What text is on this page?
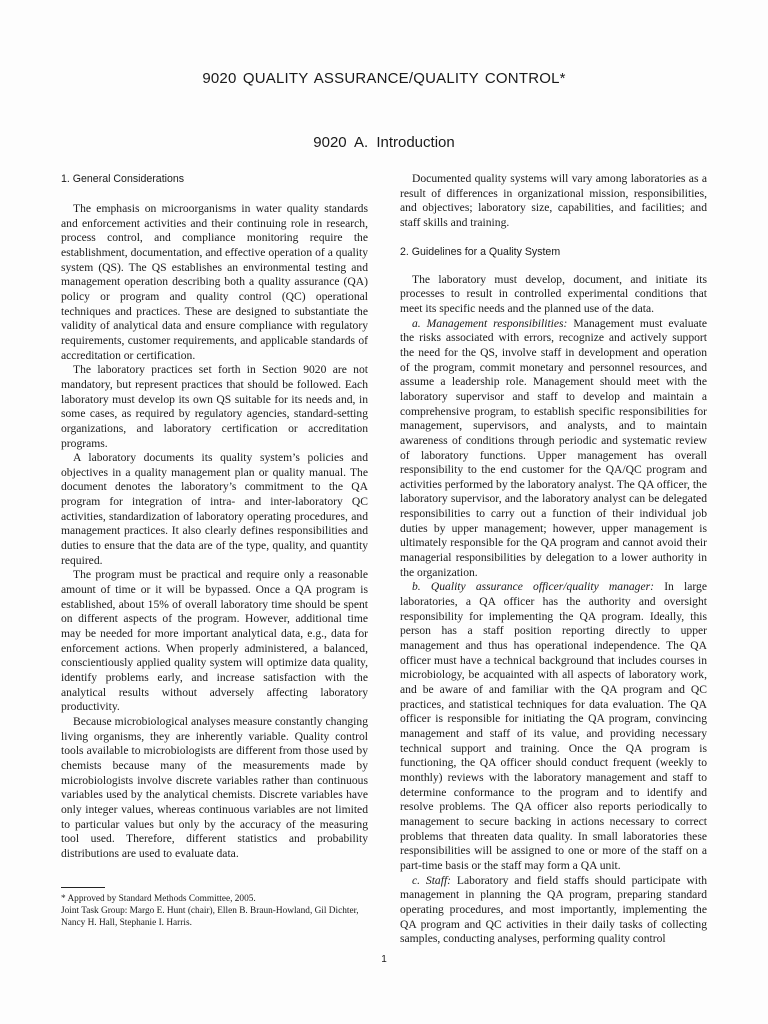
9020 QUALITY ASSURANCE/QUALITY CONTROL*
9020 A. Introduction
1. General Considerations

The emphasis on microorganisms in water quality standards and enforcement activities and their continuing role in research, process control, and compliance monitoring require the establishment, documentation, and effective operation of a quality system (QS). The QS establishes an environmental testing and management operation describing both a quality assurance (QA) policy or program and quality control (QC) operational techniques and practices. These are designed to substantiate the validity of analytical data and ensure compliance with regulatory requirements, customer requirements, and applicable standards of accreditation or certification.

The laboratory practices set forth in Section 9020 are not mandatory, but represent practices that should be followed. Each laboratory must develop its own QS suitable for its needs and, in some cases, as required by regulatory agencies, standard-setting organizations, and laboratory certification or accreditation programs.

A laboratory documents its quality system’s policies and objectives in a quality management plan or quality manual. The document denotes the laboratory’s commitment to the QA program for integration of intra- and inter-laboratory QC activities, standardization of laboratory operating procedures, and management practices. It also clearly defines responsibilities and duties to ensure that the data are of the type, quality, and quantity required.

The program must be practical and require only a reasonable amount of time or it will be bypassed. Once a QA program is established, about 15% of overall laboratory time should be spent on different aspects of the program. However, additional time may be needed for more important analytical data, e.g., data for enforcement actions. When properly administered, a balanced, conscientiously applied quality system will optimize data quality, identify problems early, and increase satisfaction with the analytical results without adversely affecting laboratory productivity.

Because microbiological analyses measure constantly changing living organisms, they are inherently variable. Quality control tools available to microbiologists are different from those used by chemists because many of the measurements made by microbiologists involve discrete variables rather than continuous variables used by the analytical chemists. Discrete variables have only integer values, whereas continuous variables are not limited to particular values but only by the accuracy of the measuring tool used. Therefore, different statistics and probability distributions are used to evaluate data.

* Approved by Standard Methods Committee, 2005.
Joint Task Group: Margo E. Hunt (chair), Ellen B. Braun-Howland, Gil Dichter, Nancy H. Hall, Stephanie I. Harris.

Documented quality systems will vary among laboratories as a result of differences in organizational mission, responsibilities, and objectives; laboratory size, capabilities, and facilities; and staff skills and training.

2. Guidelines for a Quality System

The laboratory must develop, document, and initiate its processes to result in controlled experimental conditions that meet its specific needs and the planned use of the data.

a. Management responsibilities: Management must evaluate the risks associated with errors, recognize and actively support the need for the QS, involve staff in development and operation of the program, commit monetary and personnel resources, and assume a leadership role. Management should meet with the laboratory supervisor and staff to develop and maintain a comprehensive program, to establish specific responsibilities for management, supervisors, and analysts, and to maintain awareness of conditions through periodic and systematic review of laboratory functions. Upper management has overall responsibility to the end customer for the QA/QC program and activities performed by the laboratory analyst. The QA officer, the laboratory supervisor, and the laboratory analyst can be delegated responsibilities to carry out a function of their individual job duties by upper management; however, upper management is ultimately responsible for the QA program and cannot avoid their managerial responsibilities by delegation to a lower authority in the organization.

b. Quality assurance officer/quality manager: In large laboratories, a QA officer has the authority and oversight responsibility for implementing the QA program. Ideally, this person has a staff position reporting directly to upper management and thus has operational independence. The QA officer must have a technical background that includes courses in microbiology, be acquainted with all aspects of laboratory work, and be aware of and familiar with the QA program and QC practices, and statistical techniques for data evaluation. The QA officer is responsible for initiating the QA program, convincing management and staff of its value, and providing necessary technical support and training. Once the QA program is functioning, the QA officer should conduct frequent (weekly to monthly) reviews with the laboratory management and staff to determine conformance to the program and to identify and resolve problems. The QA officer also reports periodically to management to secure backing in actions necessary to correct problems that threaten data quality. In small laboratories these responsibilities will be assigned to one or more of the staff on a part-time basis or the staff may form a QA unit.

c. Staff: Laboratory and field staffs should participate with management in planning the QA program, preparing standard operating procedures, and most importantly, implementing the QA program and QC activities in their daily tasks of collecting samples, conducting analyses, performing quality control

1
